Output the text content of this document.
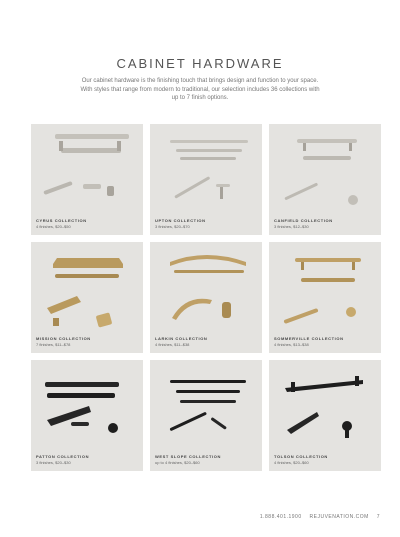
CABINET HARDWARE
Our cabinet hardware is the finishing touch that brings design and function to your space. With styles that range from modern to traditional, our selection includes 36 collections with up to 7 finish options.
CYRUS COLLECTION
4 finishes, $20–$50
UPTON COLLECTION
3 finishes, $20–$70
CANFIELD COLLECTION
3 finishes, $12–$30
MISSION COLLECTION
7 finishes, $11–$78
LARKIN COLLECTION
4 finishes, $11–$38
SOMMERVILLE COLLECTION
4 finishes, $13–$38
PATTON COLLECTION
3 finishes, $20–$30
WEST SLOPE COLLECTION
up to 4 finishes, $20–$60
TOLSON COLLECTION
4 finishes, $20–$60
1.888.401.1900 REJUVENATION.COM 7
